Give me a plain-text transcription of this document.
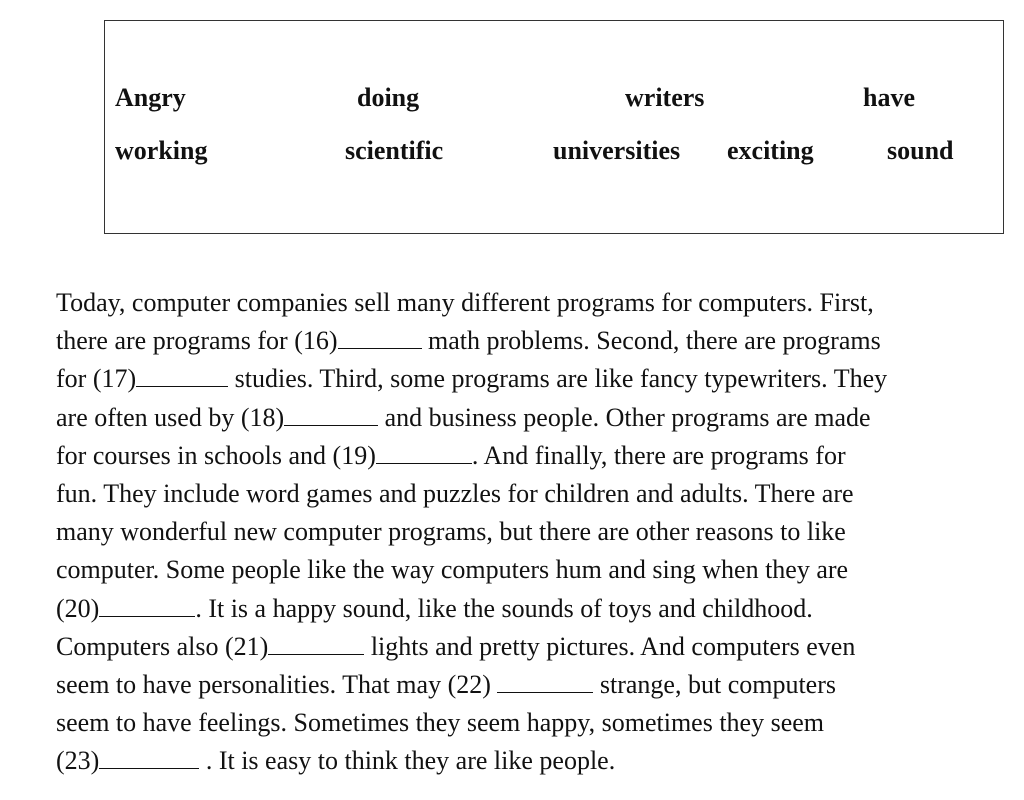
Angry	doing	writers	have
working	scientific	universities exciting	sound
Today, computer companies sell many different programs for computers. First,
there are programs for (16)	math problems. Second, there are programs
for (17)	studies. Third, some programs are like fancy typewriters. They
are often used by (18)	and business people. Other programs are made
for courses in schools and (19)	. And finally, there are programs for
fun. They include word games and puzzles for children and adults. There are
many wonderful new computer programs, but there are other reasons to like
computer. Some people like the way computers hum and sing when they are
(20)	. It is a happy sound, like the sounds of toys and childhood.
Computers also (21)	lights and pretty pictures. And computers even
seem to have personalities. That may (22)	strange, but computers
seem to have feelings. Sometimes they seem happy, sometimes they seem
(23)	. It is easy to think they are like people.
